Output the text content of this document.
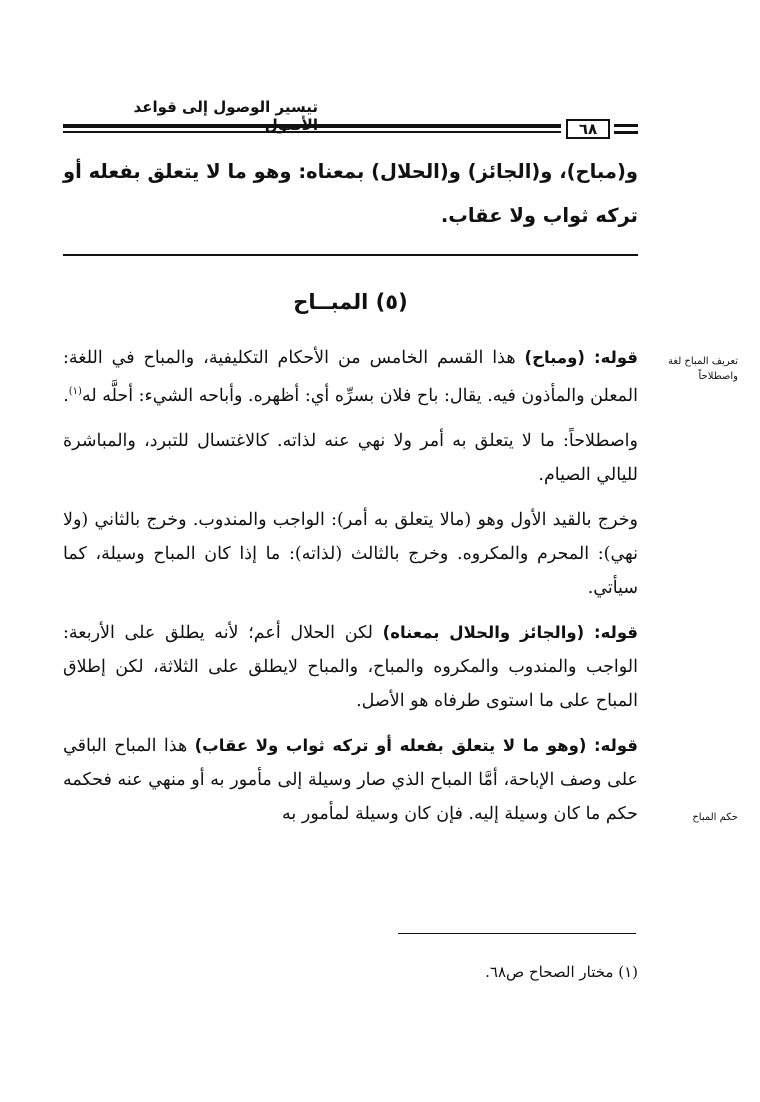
تيسير الوصول إلى قواعد
٦٨
و(مباح)، و(الجائز) و(الحلال) بمعناه: وهو ما لا يتعلق بفعله أو تركه ثواب ولا عقاب.
(٥) المبــاح
تعريف المباح لغة واصطلاحاً
حكم المباح

قوله: (ومباح) هذا القسم الخامس من الأحكام التكليفية، والمباح في اللغة: المعلن والمأذون فيه. يقال: باح فلان بسرِّه أي: أظهره. وأباحه الشيء: أحلَّه له$^{(١)}$.

واصطلاحاً: ما لا يتعلق به أمر ولا نهي عنه لذاته. كالاغتسال للتبرد، والمباشرة لليالي الصيام.

وخرج بالقيد الأول وهو (مالا يتعلق به أمر): الواجب والمندوب. وخرج بالثاني (ولا نهي): المحرم والمكروه. وخرج بالثالث (لذاته): ما إذا كان المباح وسيلة، كما سيأتي.

قوله: (والجائز والحلال بمعناه) لكن الحلال أعم؛ لأنه يطلق على الأربعة: الواجب والمندوب والمكروه والمباح، والمباح لايطلق على الثلاثة، لكن إطلاق المباح على ما استوى طرفاه هو الأصل.

قوله: (وهو ما لا يتعلق بفعله أو تركه ثواب ولا عقاب) هذا المباح الباقي على وصف الإباحة، أمَّا المباح الذي صار وسيلة إلى مأمور به أو منهي عنه فحكمه حكم ما كان وسيلة إليه. فإن كان وسيلة لمأمور به

(١) مختار الصحاح ص٦٨.
